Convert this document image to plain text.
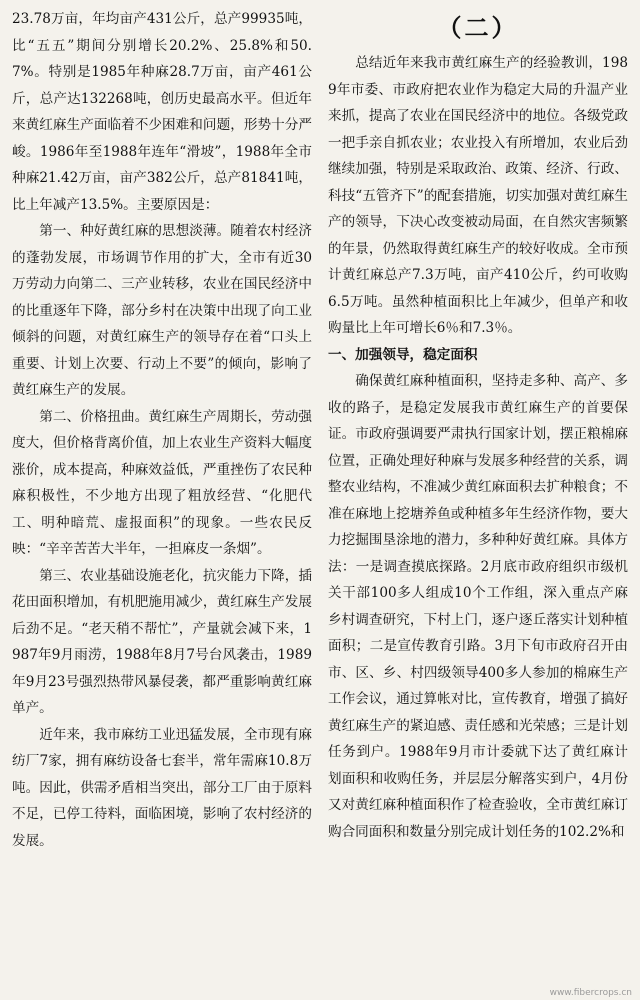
23.78万亩，年均亩产431公斤，总产99935吨，比“五五”期间分别增长20.2%、25.8%和50.7%。特别是1985年种麻28.7万亩，亩产461公斤，总产达132268吨，创历史最高水平。但近年来黄红麻生产面临着不少困难和问题，形势十分严峻。1986年至1988年连年“滑坡”，1988年全市种麻21.42万亩，亩产382公斤，总产81841吨，比上年减产13.5%。主要原因是：

第一、种好黄红麻的思想淡薄。随着农村经济的蓬勃发展，市场调节作用的扩大，全市有近30万劳动力向第二、三产业转移，农业在国民经济中的比重逐年下降，部分乡村在决策中出现了向工业倾斜的问题，对黄红麻生产的领导存在着“口头上重要、计划上次要、行动上不要”的倾向，影响了黄红麻生产的发展。

第二、价格扭曲。黄红麻生产周期长，劳动强度大，但价格背离价值，加上农业生产资料大幅度涨价，成本提高，种麻效益低，严重挫伤了农民种麻积极性，不少地方出现了粗放经营、“化肥代工、明种暗荒、虚报面积”的现象。一些农民反映：“辛辛苦苦大半年，一担麻皮一条烟”。

第三、农业基础设施老化，抗灾能力下降，插花田面积增加，有机肥施用减少，黄红麻生产发展后劲不足。“老天稍不帮忙”，产量就会减下来，1987年9月雨涝，1988年8月7号台风袭击，1989年9月23号强烈热带风暴侵袭，都严重影响黄红麻单产。

近年来，我市麻纺工业迅猛发展，全市现有麻纺厂7家，拥有麻纺设备七套半，常年需麻10.8万吨。因此，供需矛盾相当突出，部分工厂由于原料不足，已停工待料，面临困境，影响了农村经济的发展。

（二）

总结近年来我市黄红麻生产的经验教训，1989年市委、市政府把农业作为稳定大局的升温产业来抓，提高了农业在国民经济中的地位。各级党政一把手亲自抓农业；农业投入有所增加，农业后劲继续加强，特别是采取政治、政策、经济、行政、科技“五管齐下”的配套措施，切实加强对黄红麻生产的领导，下决心改变被动局面，在自然灾害频繁的年景，仍然取得黄红麻生产的较好收成。全市预计黄红麻总产7.3万吨，亩产410公斤，约可收购6.5万吨。虽然种植面积比上年减少，但单产和收购量比上年可增长6％和7.3％。

一、加强领导，稳定面积

确保黄红麻种植面积，坚持走多种、高产、多收的路子，是稳定发展我市黄红麻生产的首要保证。市政府强调要严肃执行国家计划，摆正粮棉麻位置，正确处理好种麻与发展多种经营的关系，调整农业结构，不准减少黄红麻面积去扩种粮食；不准在麻地上挖塘养鱼或种植多年生经济作物，要大力挖掘围垦涂地的潜力，多种种好黄红麻。具体方法：一是调查摸底探路。2月底市政府组织市级机关干部100多人组成10个工作组，深入重点产麻乡村调查研究，下村上门，逐户逐丘落实计划种植面积；二是宣传教育引路。3月下旬市政府召开由市、区、乡、村四级领导400多人参加的棉麻生产工作会议，通过算帐对比，宣传教育，增强了搞好黄红麻生产的紧迫感、责任感和光荣感；三是计划任务到户。1988年9月市计委就下达了黄红麻计划面积和收购任务，并层层分解落实到户，4月份又对黄红麻种植面积作了检查验收，全市黄红麻订购合同面积和数量分别完成计划任务的102.2%和

www.fibercrops.cn
